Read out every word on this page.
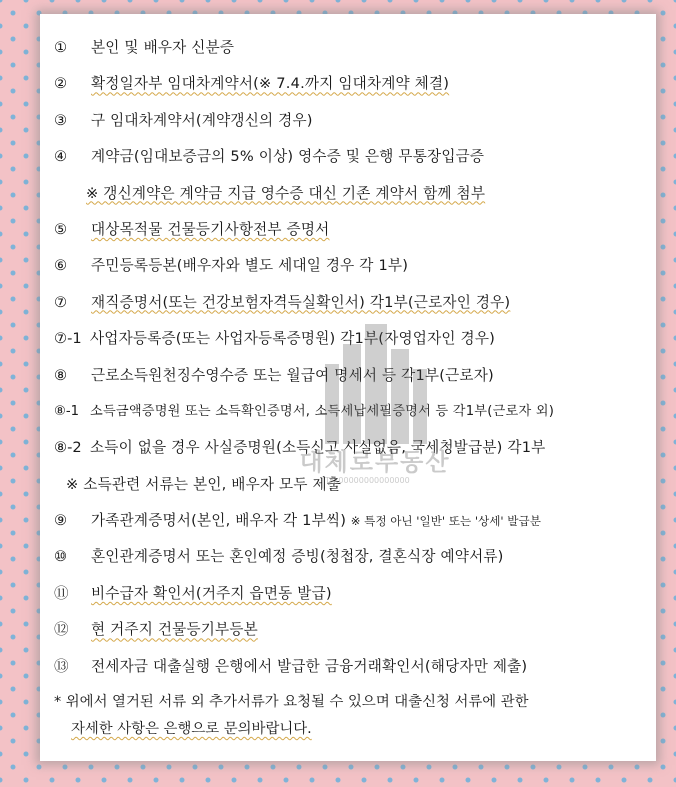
① 본인 및 배우자 신분증
② 확정일자부 임대차계약서(※ 7.4.까지 임대차계약 체결)
③ 구 임대차계약서(계약갱신의 경우)
④ 계약금(임대보증금의 5% 이상) 영수증 및 은행 무통장입금증
※ 갱신계약은 계약금 지급 영수증 대신 기존 계약서 함께 첨부
⑤ 대상목적물 건물등기사항전부 증명서
⑥ 주민등록등본(배우자와 별도 세대일 경우 각 1부)
⑦ 재직증명서(또는 건강보험자격득실확인서) 각1부(근로자인 경우)
⑦-1 사업자등록증(또는 사업자등록증명원) 각1부(자영업자인 경우)
⑧ 근로소득원천징수영수증 또는 월급여 명세서 등 각1부(근로자)
⑧-1 소득금액증명원 또는 소득확인증명서, 소득세납세필증명서 등 각1부(근로자 외)
⑧-2 소득이 없을 경우 사실증명원(소득신고 사실없음, 국세청발급분) 각1부
※ 소득관련 서류는 본인, 배우자 모두 제출
⑨ 가족관계증명서(본인, 배우자 각 1부씩) ※ 특정 아닌 '일반' 또는 '상세' 발급분
⑩ 혼인관계증명서 또는 혼인예정 증빙(청첩장, 결혼식장 예약서류)
⑪ 비수급자 확인서(거주지 읍면동 발급)
⑫ 현 거주지 건물등기부등본
⑬ 전세자금 대출실행 은행에서 발급한 금융거래확인서(해당자만 제출)
* 위에서 열거된 서류 외 추가서류가 요청될 수 있으며 대출신청 서류에 관한
자세한 사항은 은행으로 문의바랍니다.
대체로부동산
TN.00000000000000
